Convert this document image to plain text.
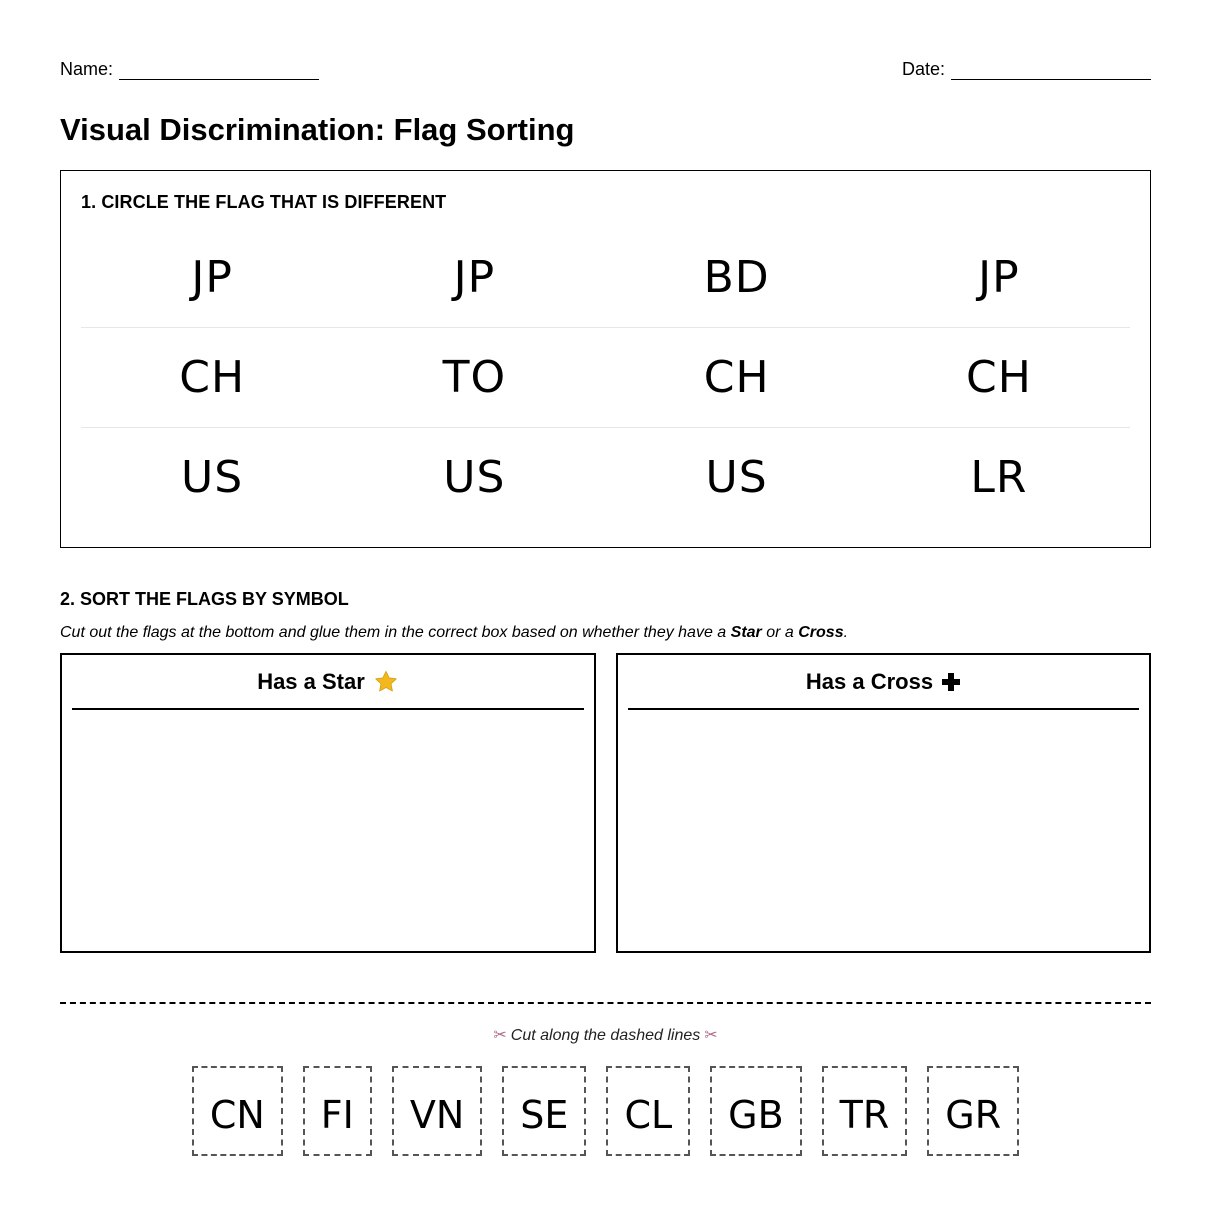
Name:	Date:
Visual Discrimination: Flag Sorting
1. CIRCLE THE FLAG THAT IS DIFFERENT
JP	JP	BD	JP
CH	TO	CH	CH
US	US	US	LR
2. SORT THE FLAGS BY SYMBOL
Cut out the flags at the bottom and glue them in the correct box based on whether they have a Star or a Cross.
Has a Star	Has a Cross
✂ Cut along the dashed lines ✂
CN	FI	VN	SE	CL	GB	TR	GR
